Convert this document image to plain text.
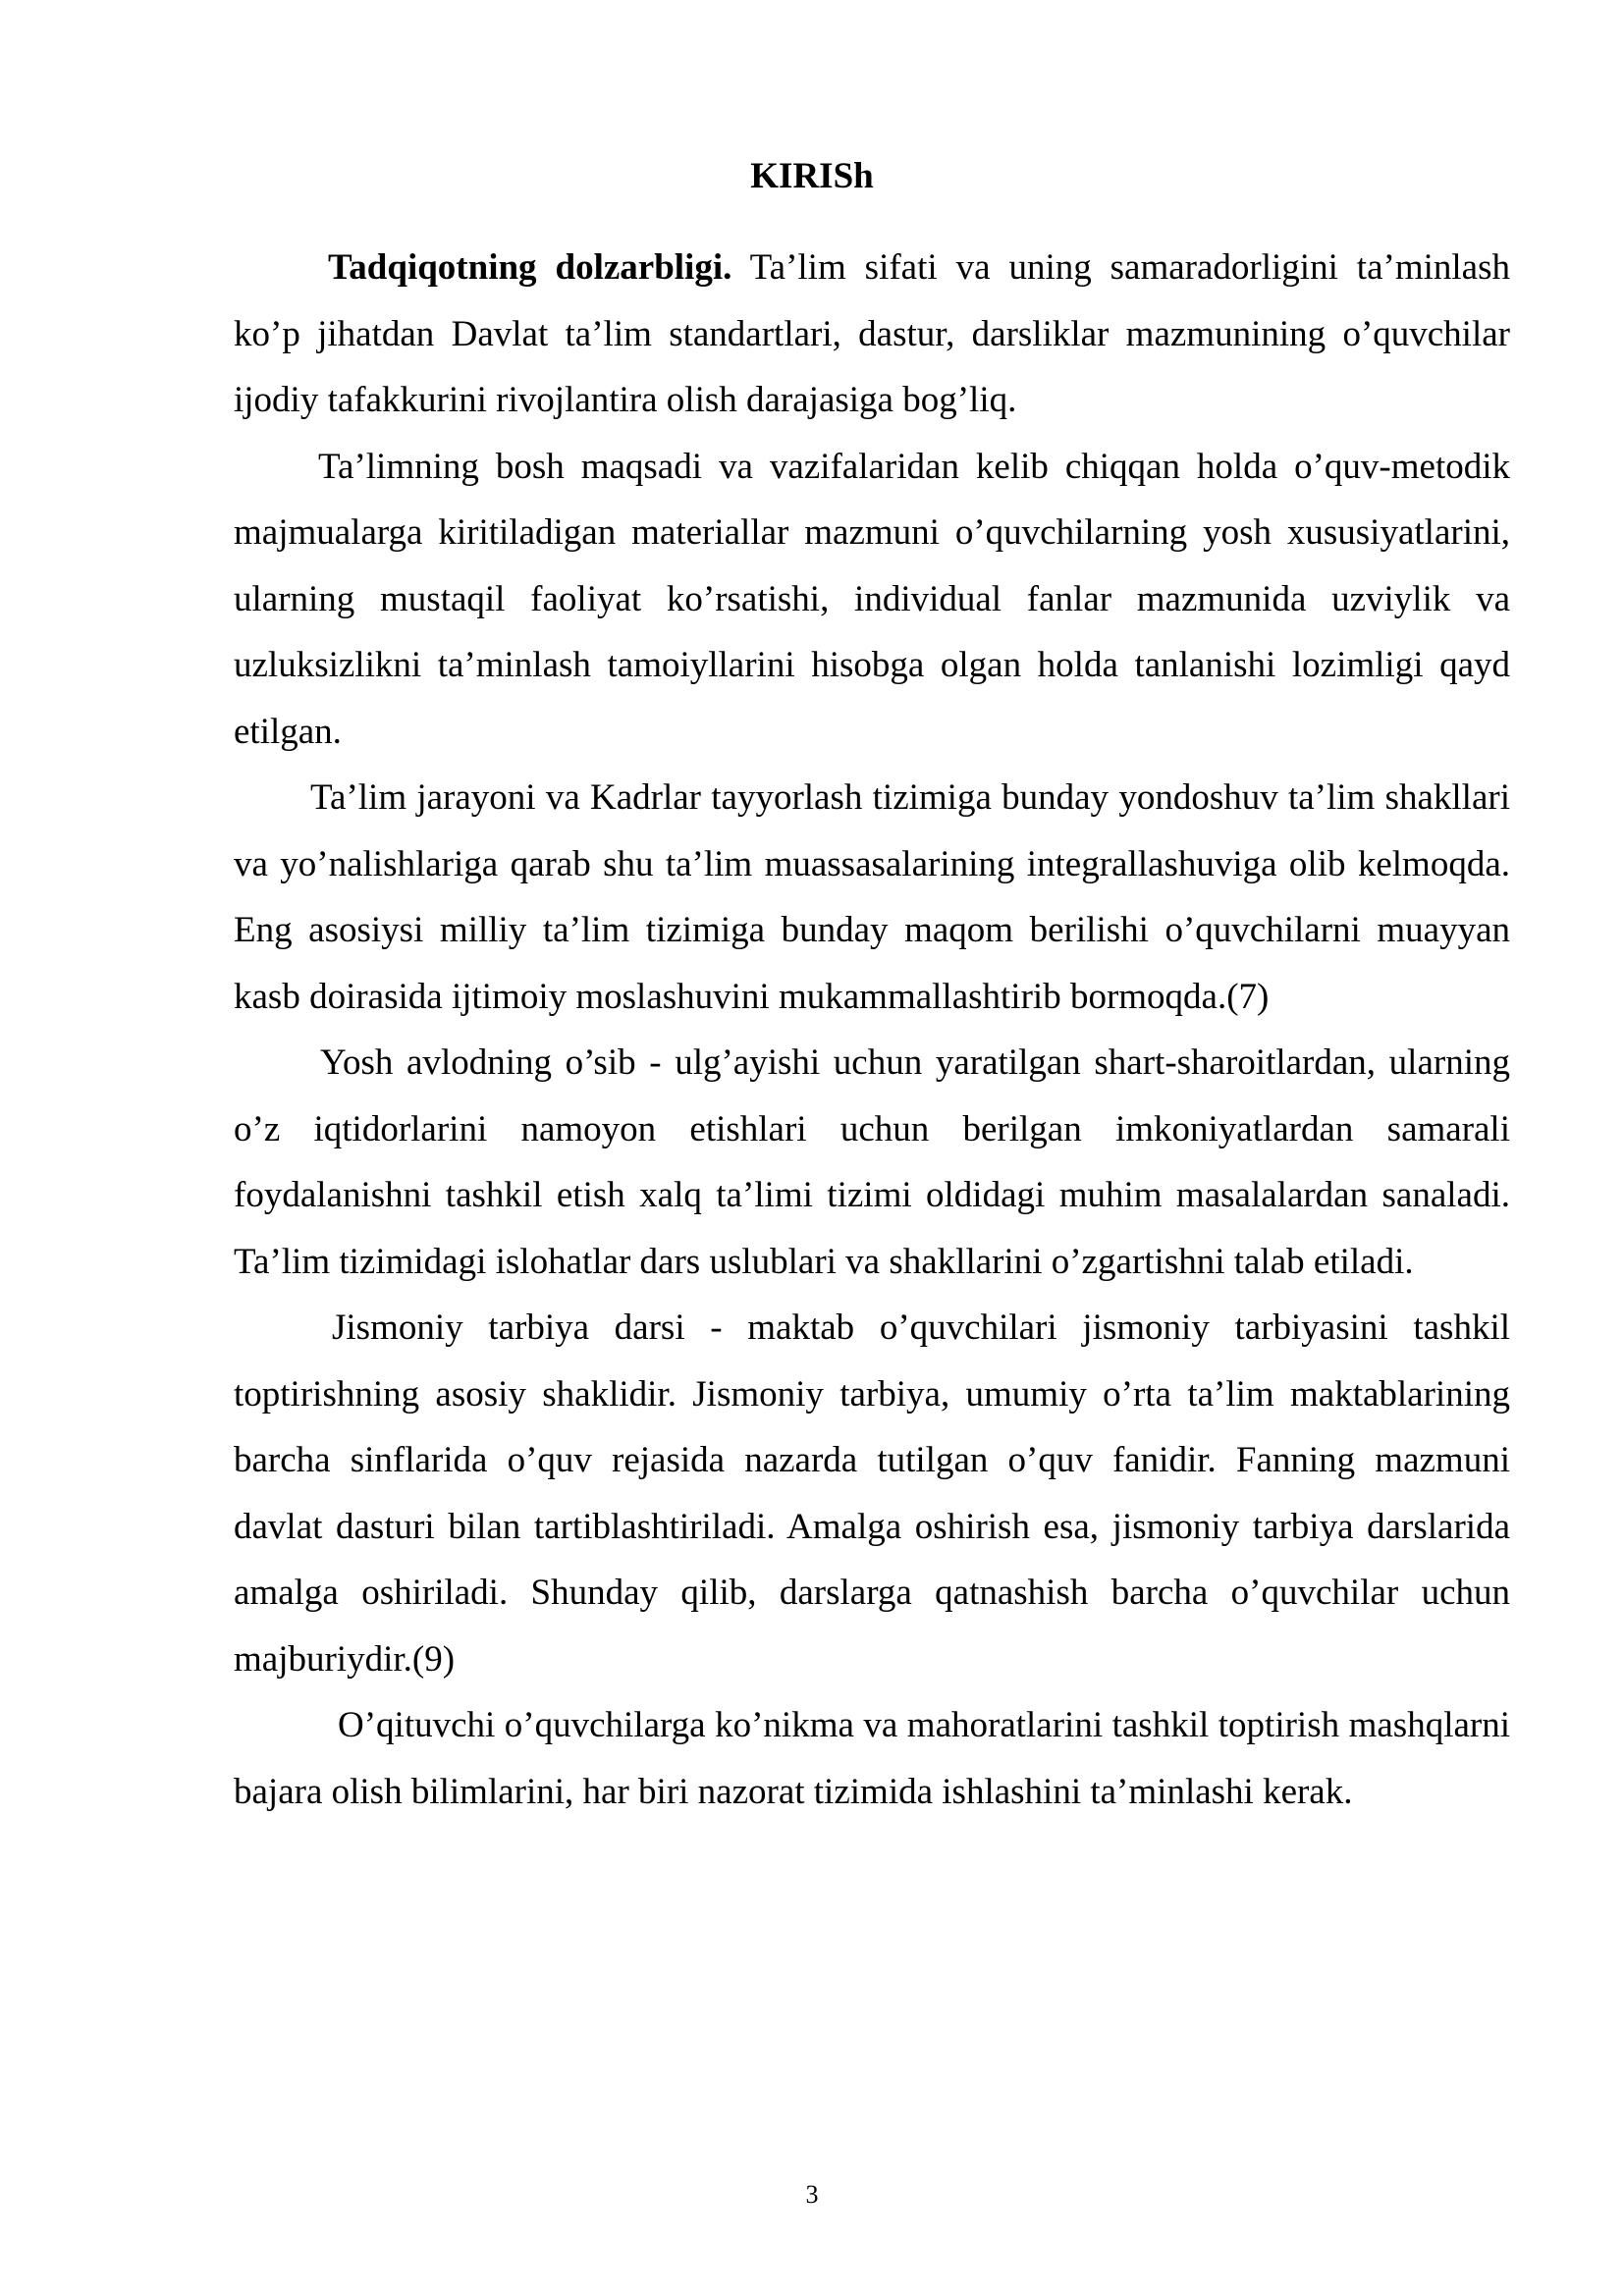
KIRISh

Tadqiqotning dolzarbligi. Ta’lim sifati va uning samaradorligini ta’minlash ko’p jihatdan Davlat ta’lim standartlari, dastur, darsliklar mazmunining o’quvchilar ijodiy tafakkurini rivojlantira olish darajasiga bog’liq.

Ta’limning bosh maqsadi va vazifalaridan kelib chiqqan holda o’quv-metodik majmualarga kiritiladigan materiallar mazmuni o’quvchilarning yosh xususiyatlarini, ularning mustaqil faoliyat ko’rsatishi, individual fanlar mazmunida uzviylik va uzluksizlikni ta’minlash tamoiyllarini hisobga olgan holda tanlanishi lozimligi qayd etilgan.

Ta’lim jarayoni va Kadrlar tayyorlash tizimiga bunday yondoshuv ta’lim shakllari va yo’nalishlariga qarab shu ta’lim muassasalarining integrallashuviga olib kelmoqda. Eng asosiysi milliy ta’lim tizimiga bunday maqom berilishi o’quvchilarni muayyan kasb doirasida ijtimoiy moslashuvini mukammallashtirib bormoqda.(7)

Yosh avlodning o’sib - ulg’ayishi uchun yaratilgan shart-sharoitlardan, ularning o’z iqtidorlarini namoyon etishlari uchun berilgan imkoniyatlardan samarali foydalanishni tashkil etish xalq ta’limi tizimi oldidagi muhim masalalardan sanaladi. Ta’lim tizimidagi islohatlar dars uslublari va shakllarini o’zgartishni talab etiladi.

Jismoniy tarbiya darsi - maktab o’quvchilari jismoniy tarbiyasini tashkil toptirishning asosiy shaklidir. Jismoniy tarbiya, umumiy o’rta ta’lim maktablarining barcha sinflarida o’quv rejasida nazarda tutilgan o’quv fanidir. Fanning mazmuni davlat dasturi bilan tartiblashtiriladi. Amalga oshirish esa, jismoniy tarbiya darslarida amalga oshiriladi. Shunday qilib, darslarga qatnashish barcha o’quvchilar uchun majburiydir.(9)

O’qituvchi o’quvchilarga ko’nikma va mahoratlarini tashkil toptirish mashqlarni bajara olish bilimlarini, har biri nazorat tizimida ishlashini ta’minlashi kerak.

3
